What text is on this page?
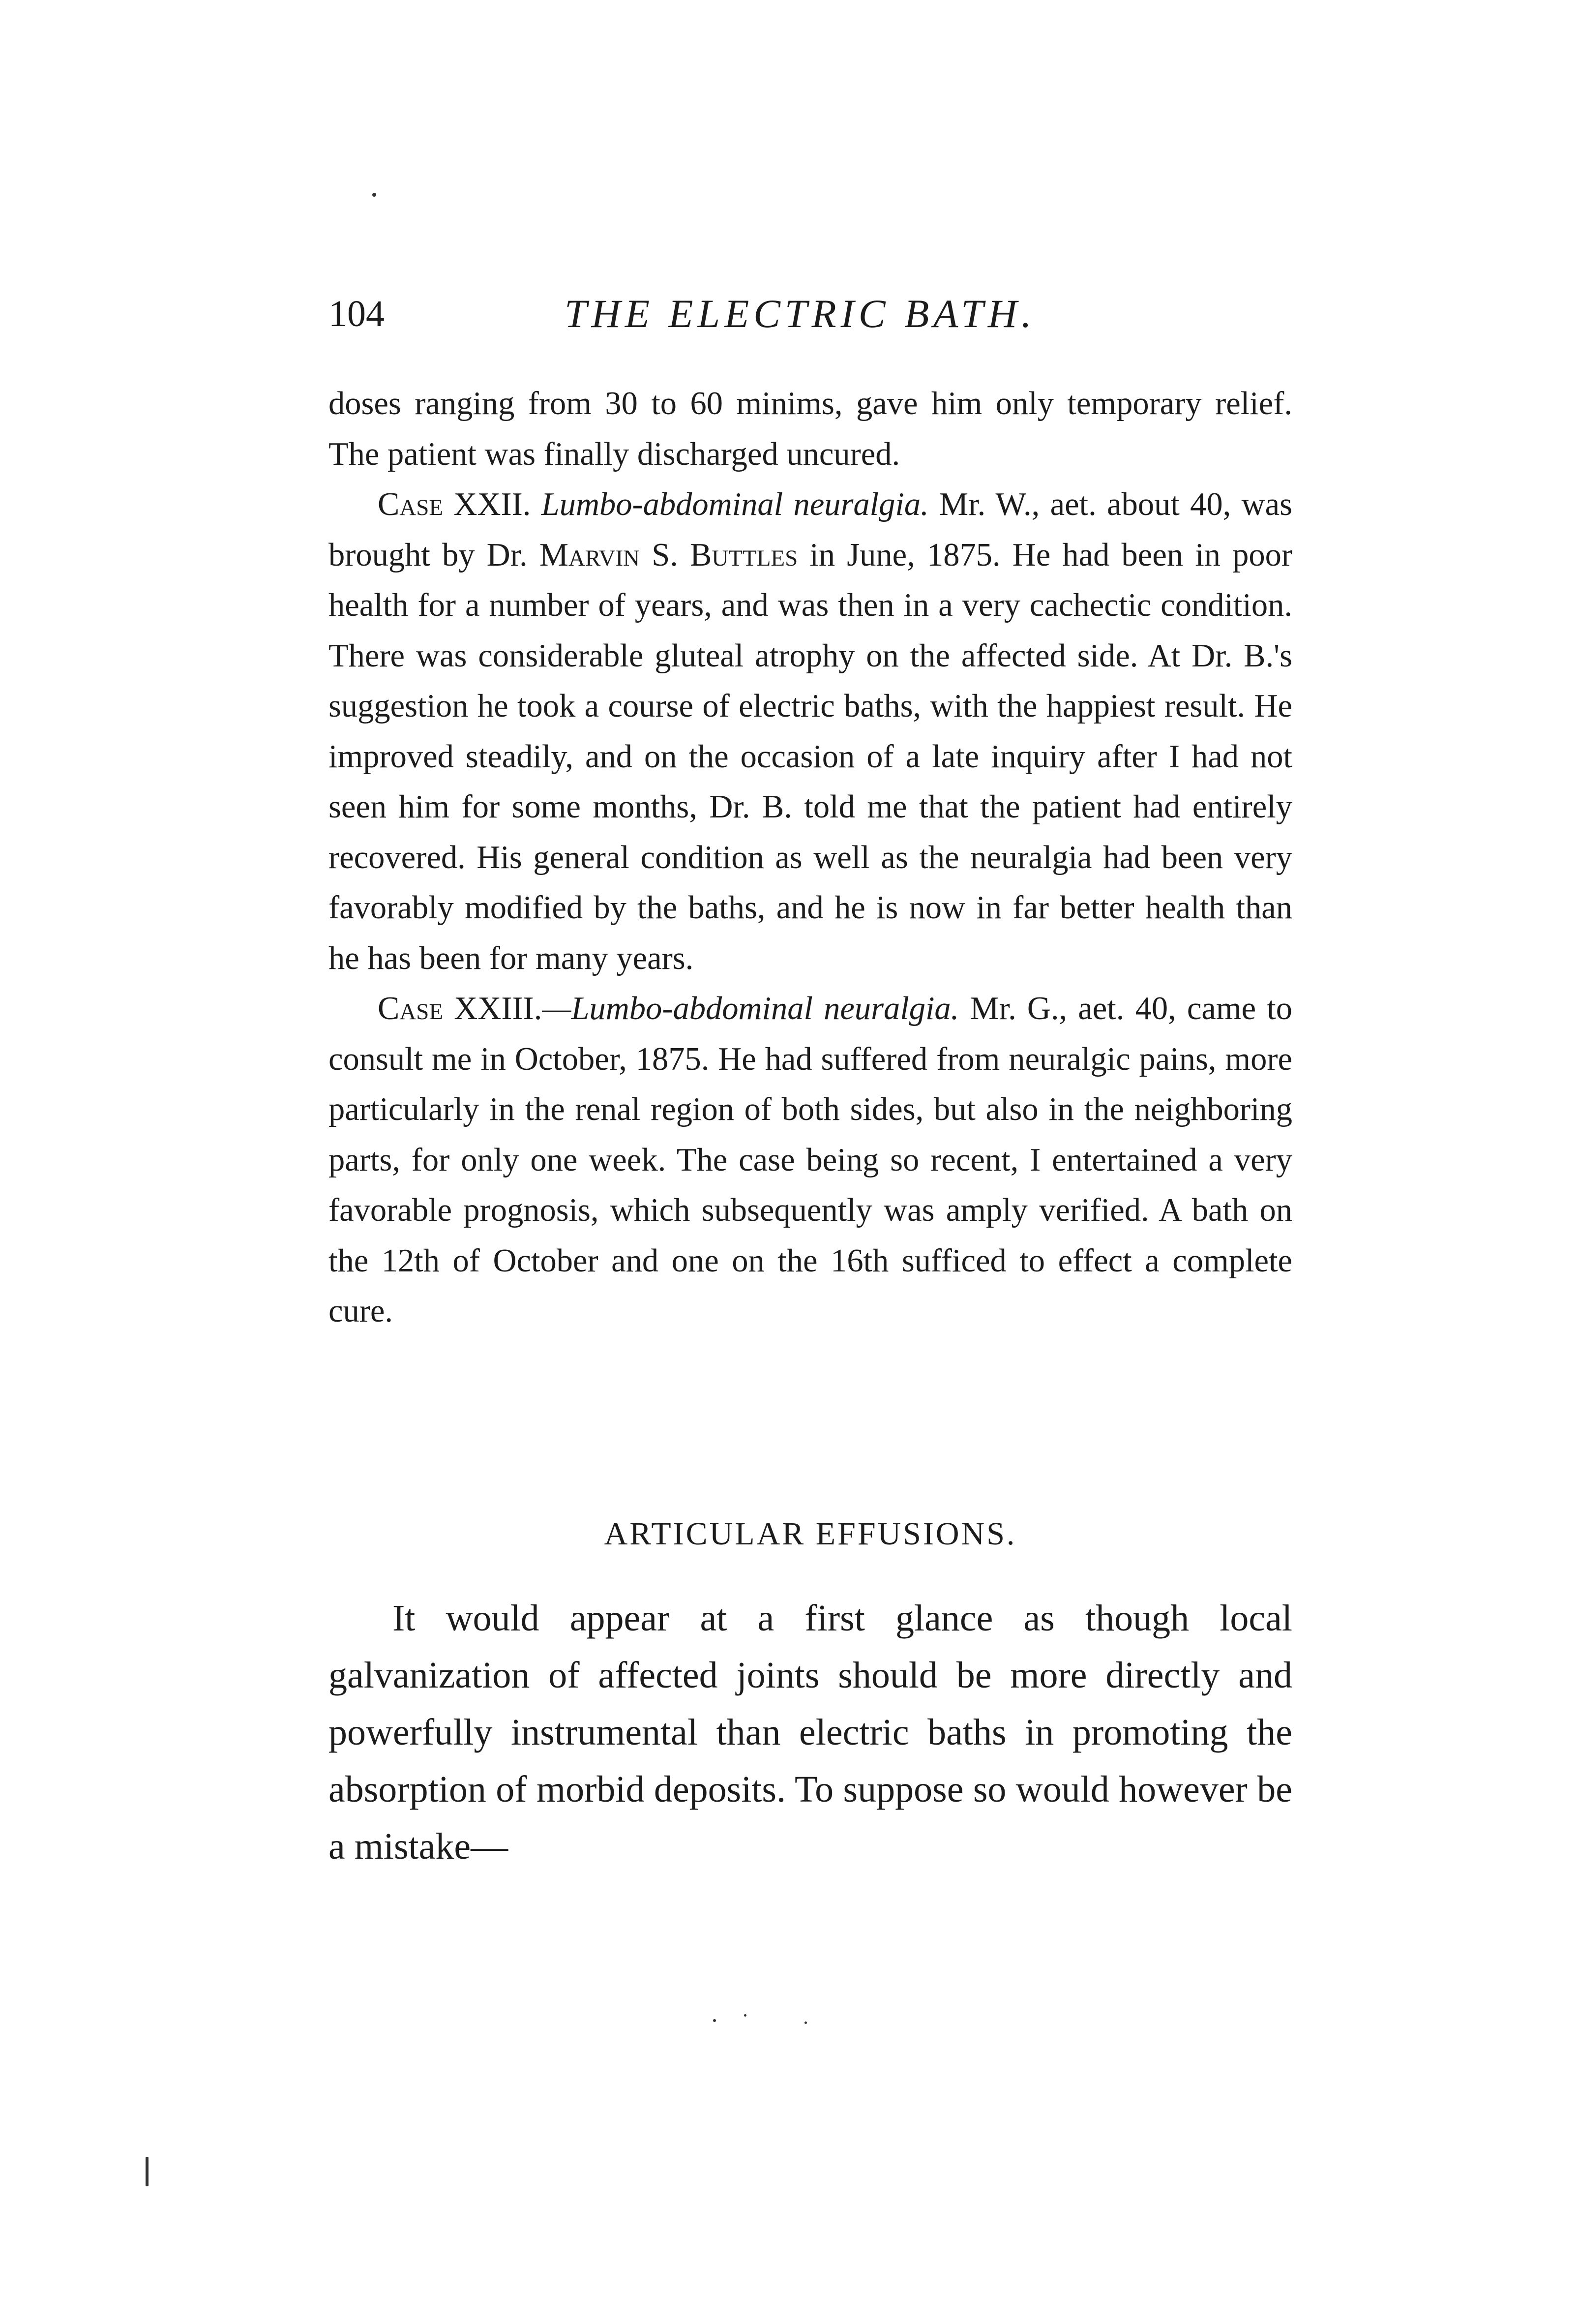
104	THE ELECTRIC BATH.

doses ranging from 30 to 60 minims, gave him only temporary relief. The patient was finally discharged uncured.

Case XXII. Lumbo-abdominal neuralgia. Mr. W., aet. about 40, was brought by Dr. Marvin S. Buttles in June, 1875. He had been in poor health for a number of years, and was then in a very cachectic condition. There was considerable gluteal atrophy on the affected side. At Dr. B.'s suggestion he took a course of electric baths, with the happiest result. He improved steadily, and on the occasion of a late inquiry after I had not seen him for some months, Dr. B. told me that the patient had entirely recovered. His general condition as well as the neuralgia had been very favorably modified by the baths, and he is now in far better health than he has been for many years.

Case XXIII.—Lumbo-abdominal neuralgia. Mr. G., aet. 40, came to consult me in October, 1875. He had suffered from neuralgic pains, more particularly in the renal region of both sides, but also in the neighboring parts, for only one week. The case being so recent, I entertained a very favorable prognosis, which subsequently was amply verified. A bath on the 12th of October and one on the 16th sufficed to effect a complete cure.

ARTICULAR EFFUSIONS.

It would appear at a first glance as though local galvanization of affected joints should be more directly and powerfully instrumental than electric baths in promoting the absorption of morbid deposits. To suppose so would however be a mistake—
